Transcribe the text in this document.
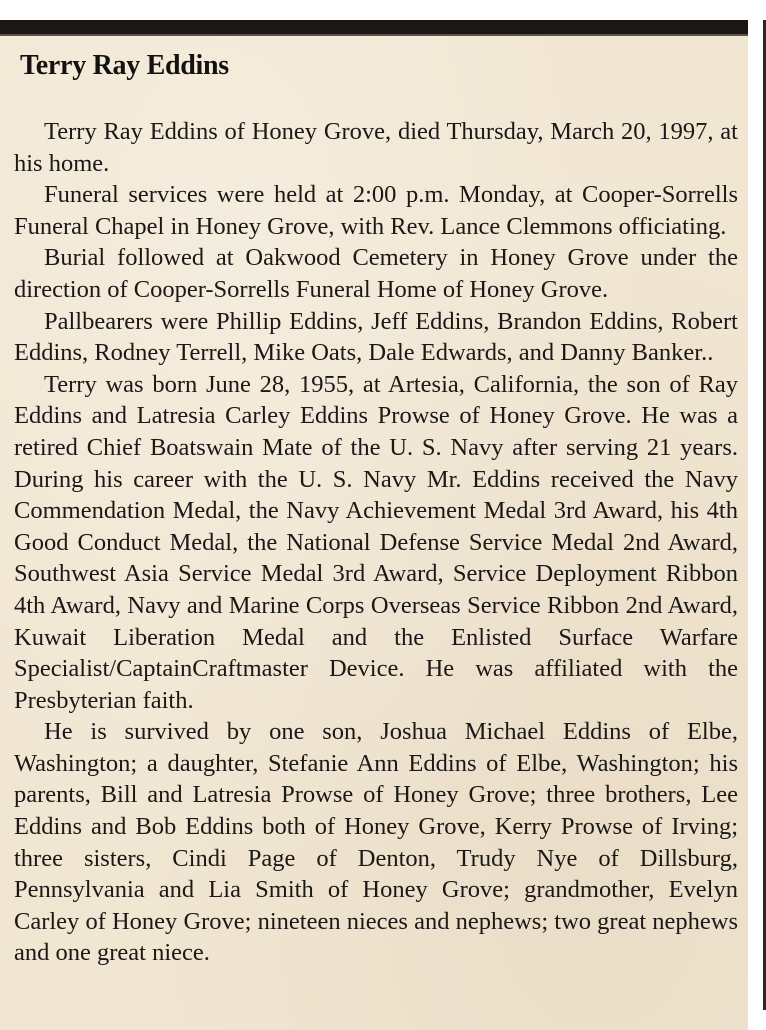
Terry Ray Eddins

Terry Ray Eddins of Honey Grove, died Thursday, March 20, 1997, at his home.

Funeral services were held at 2:00 p.m. Monday, at Cooper-Sorrells Funeral Chapel in Honey Grove, with Rev. Lance Clemmons officiating.

Burial followed at Oakwood Cemetery in Honey Grove under the direction of Cooper-Sorrells Funeral Home of Honey Grove.

Pallbearers were Phillip Eddins, Jeff Eddins, Brandon Eddins, Robert Eddins, Rodney Terrell, Mike Oats, Dale Edwards, and Danny Banker..

Terry was born June 28, 1955, at Artesia, California, the son of Ray Eddins and Latresia Carley Eddins Prowse of Honey Grove. He was a retired Chief Boatswain Mate of the U. S. Navy after serving 21 years. During his career with the U. S. Navy Mr. Eddins received the Navy Commendation Medal, the Navy Achievement Medal 3rd Award, his 4th Good Conduct Medal, the National Defense Service Medal 2nd Award, Southwest Asia Service Medal 3rd Award, Service Deployment Ribbon 4th Award, Navy and Marine Corps Overseas Service Ribbon 2nd Award, Kuwait Liberation Medal and the Enlisted Surface Warfare Specialist/CaptainCraftmaster Device. He was affiliated with the Presbyterian faith.

He is survived by one son, Joshua Michael Eddins of Elbe, Washington; a daughter, Stefanie Ann Eddins of Elbe, Washington; his parents, Bill and Latresia Prowse of Honey Grove; three brothers, Lee Eddins and Bob Eddins both of Honey Grove, Kerry Prowse of Irving; three sisters, Cindi Page of Denton, Trudy Nye of Dillsburg, Pennsylvania and Lia Smith of Honey Grove; grandmother, Evelyn Carley of Honey Grove; nineteen nieces and nephews; two great nephews and one great niece.
